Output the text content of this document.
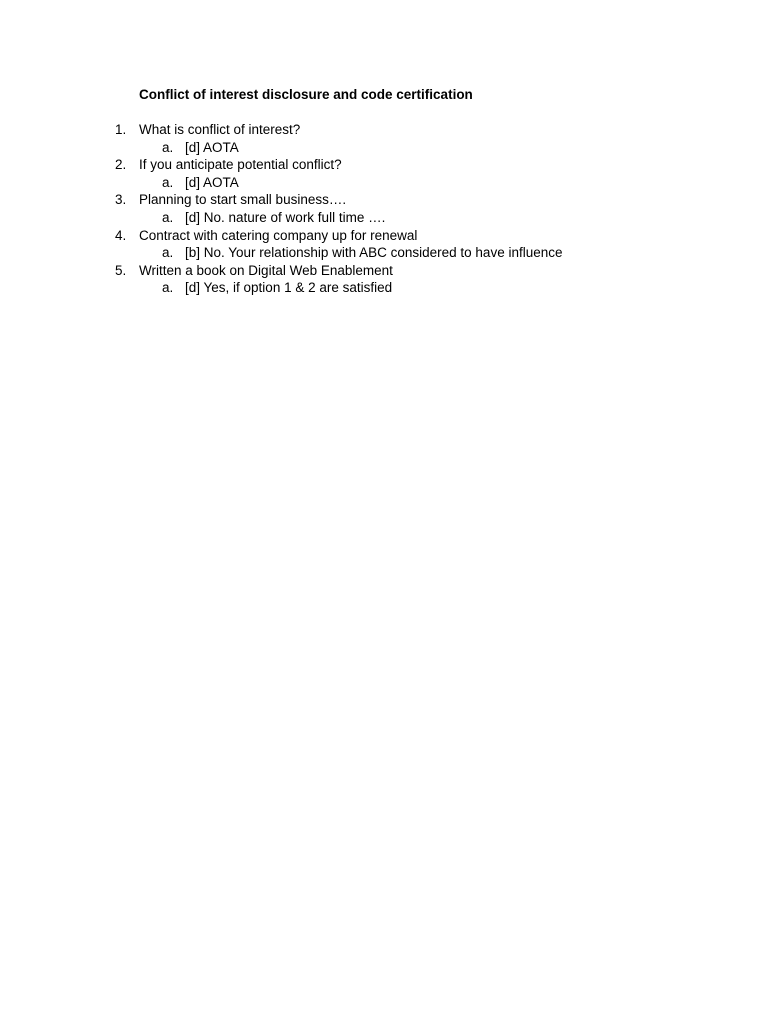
Conflict of interest disclosure and code certification
1. What is conflict of interest?
a. [d] AOTA
2. If you anticipate potential conflict?
a. [d] AOTA
3. Planning to start small business….
a. [d] No. nature of work full time ….
4. Contract with catering company up for renewal
a. [b] No. Your relationship with ABC considered to have influence
5. Written a book on Digital Web Enablement
a. [d] Yes, if option 1 & 2 are satisfied
